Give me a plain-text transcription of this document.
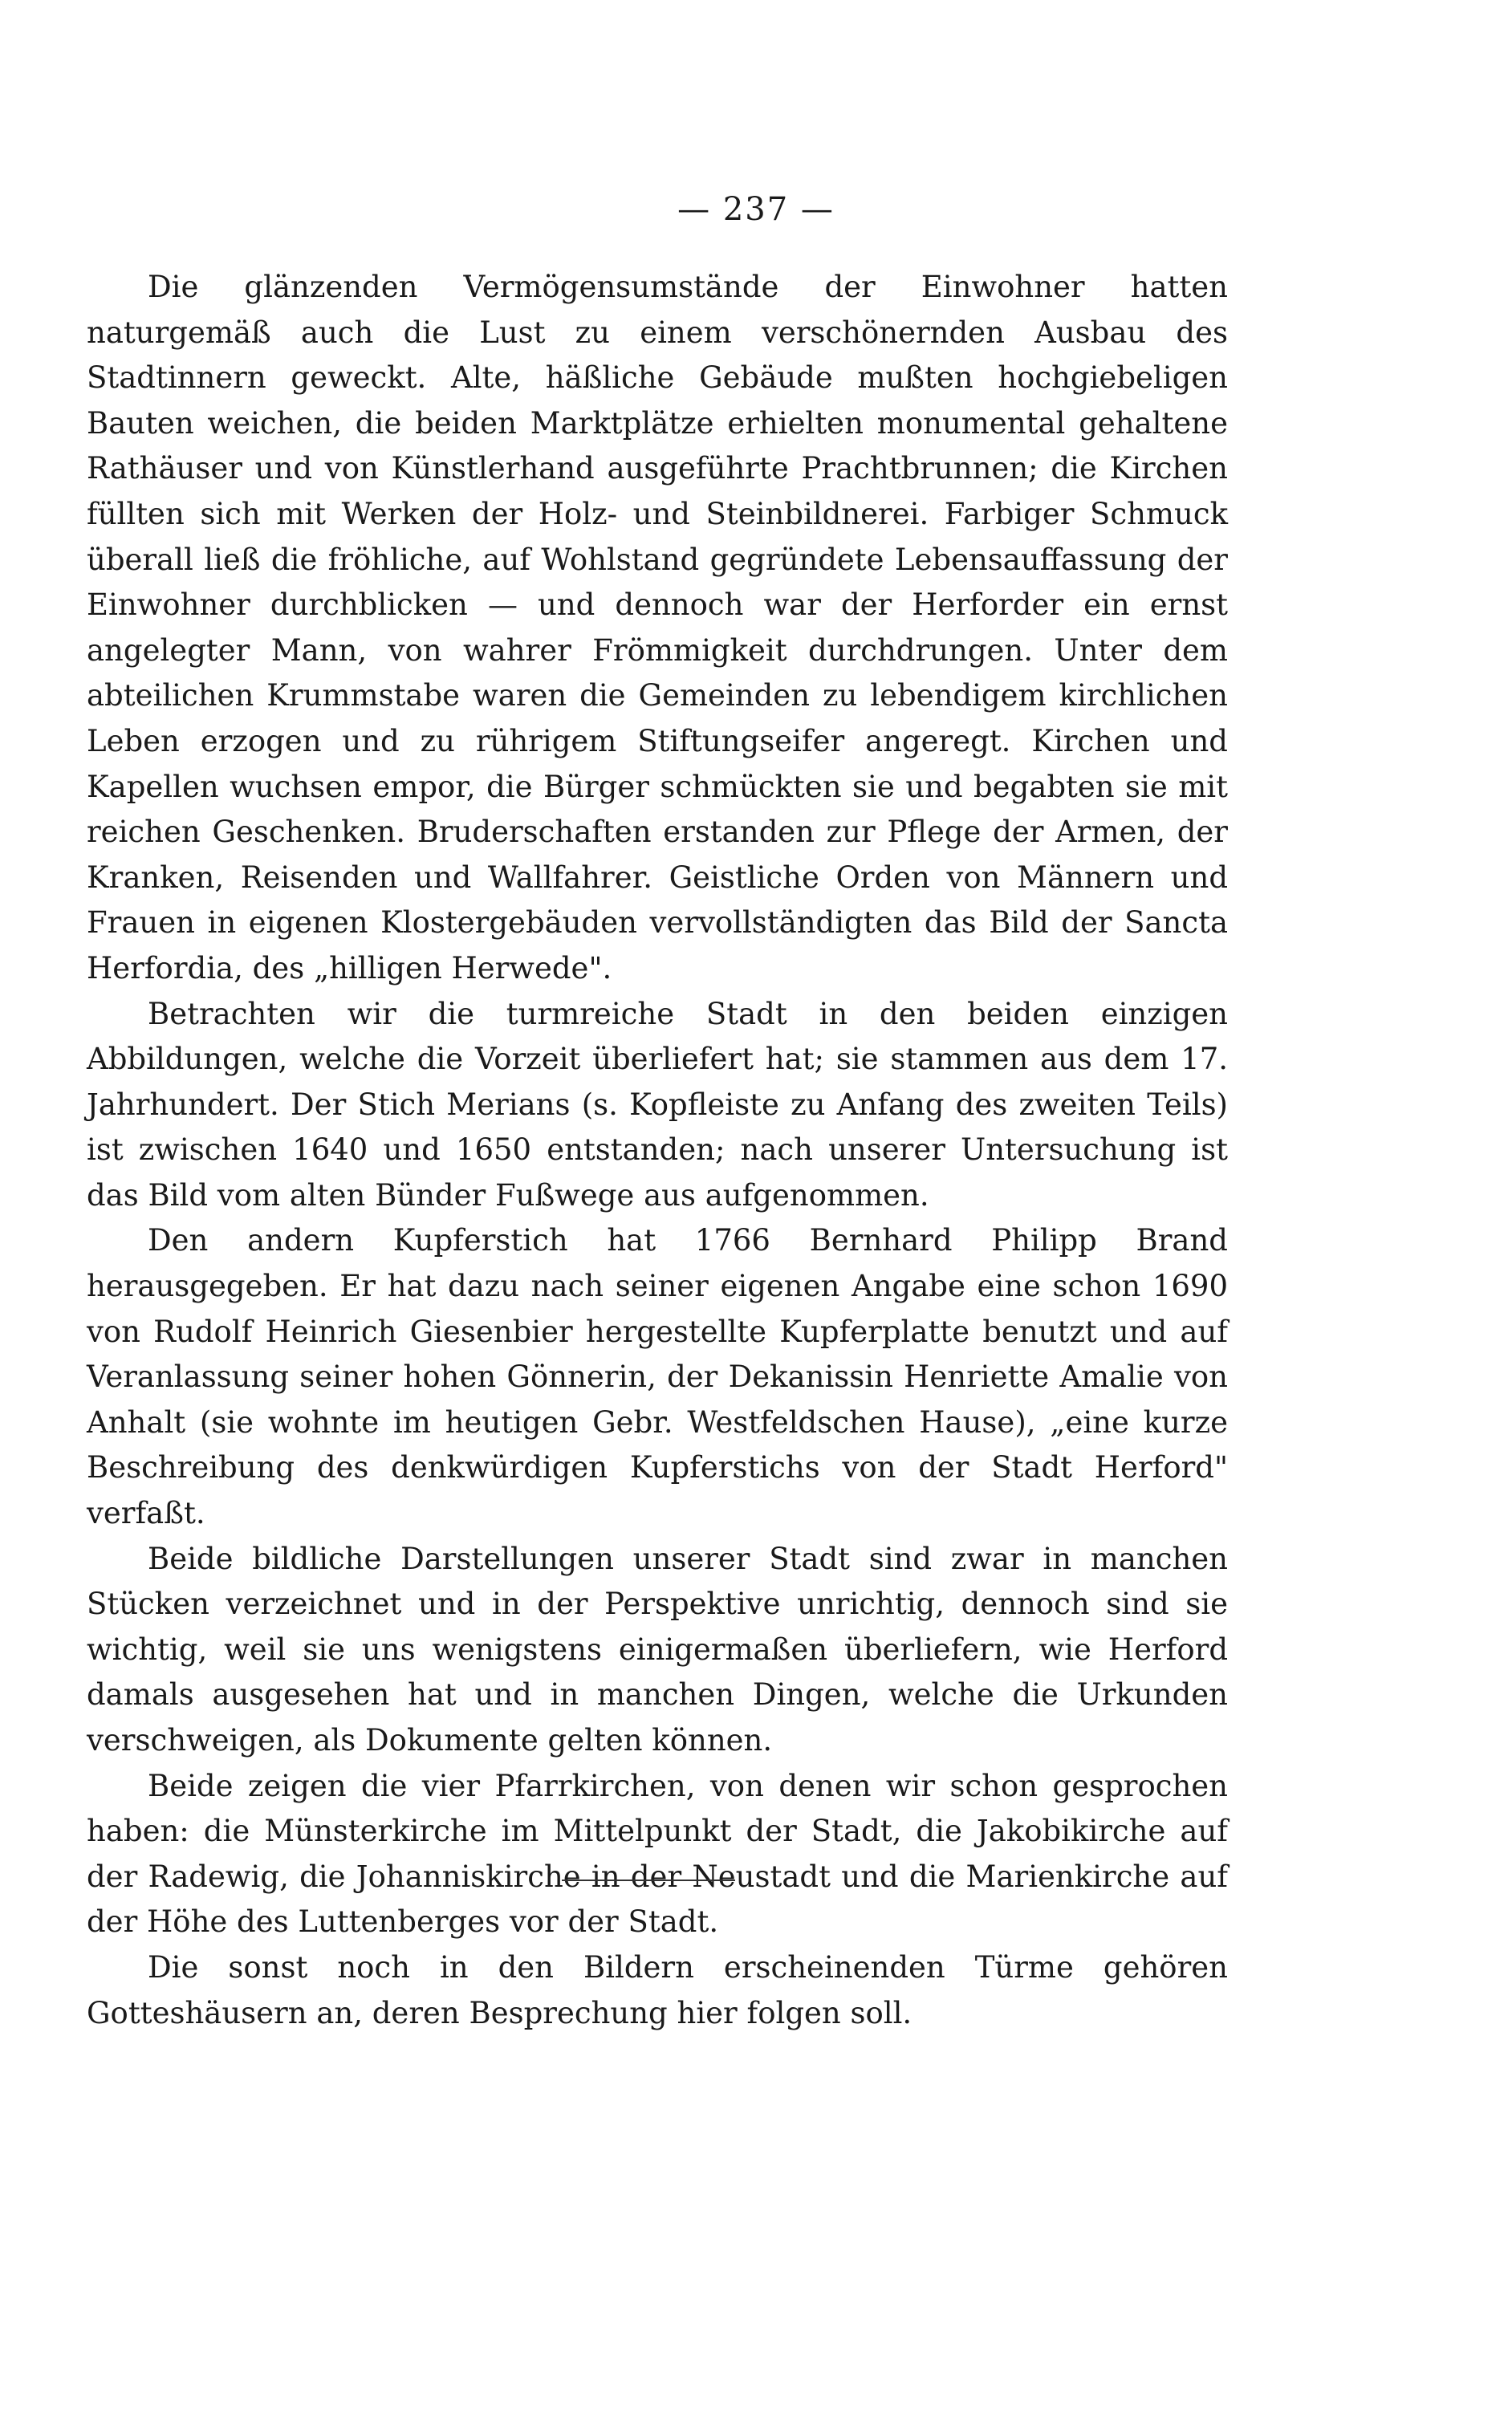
— 237 —

Die glänzenden Vermögensumstände der Einwohner hatten naturgemäß auch die Lust zu einem verschönernden Ausbau des Stadtinnern geweckt. Alte, häßliche Gebäude mußten hochgiebeligen Bauten weichen, die beiden Marktplätze erhielten monumental gehaltene Rathäuser und von Künstlerhand ausgeführte Prachtbrunnen; die Kirchen füllten sich mit Werken der Holz- und Steinbildnerei. Farbiger Schmuck überall ließ die fröhliche, auf Wohlstand gegründete Lebensauffassung der Einwohner durchblicken — und dennoch war der Herforder ein ernst angelegter Mann, von wahrer Frömmigkeit durchdrungen. Unter dem abteilichen Krummstabe waren die Gemeinden zu lebendigem kirchlichen Leben erzogen und zu rührigem Stiftungseifer angeregt. Kirchen und Kapellen wuchsen empor, die Bürger schmückten sie und begabten sie mit reichen Geschenken. Bruderschaften erstanden zur Pflege der Armen, der Kranken, Reisenden und Wallfahrer. Geistliche Orden von Männern und Frauen in eigenen Klostergebäuden vervollständigten das Bild der Sancta Herfordia, des „hilligen Herwede".

Betrachten wir die turmreiche Stadt in den beiden einzigen Abbildungen, welche die Vorzeit überliefert hat; sie stammen aus dem 17. Jahrhundert. Der Stich Merians (s. Kopfleiste zu Anfang des zweiten Teils) ist zwischen 1640 und 1650 entstanden; nach unserer Untersuchung ist das Bild vom alten Bünder Fußwege aus aufgenommen.

Den andern Kupferstich hat 1766 Bernhard Philipp Brand herausgegeben. Er hat dazu nach seiner eigenen Angabe eine schon 1690 von Rudolf Heinrich Giesenbier hergestellte Kupferplatte benutzt und auf Veranlassung seiner hohen Gönnerin, der Dekanissin Henriette Amalie von Anhalt (sie wohnte im heutigen Gebr. Westfeldschen Hause), „eine kurze Beschreibung des denkwürdigen Kupferstichs von der Stadt Herford" verfaßt.

Beide bildliche Darstellungen unserer Stadt sind zwar in manchen Stücken verzeichnet und in der Perspektive unrichtig, dennoch sind sie wichtig, weil sie uns wenigstens einigermaßen überliefern, wie Herford damals ausgesehen hat und in manchen Dingen, welche die Urkunden verschweigen, als Dokumente gelten können.

Beide zeigen die vier Pfarrkirchen, von denen wir schon gesprochen haben: die Münsterkirche im Mittelpunkt der Stadt, die Jakobikirche auf der Radewig, die Johanniskirche in der Neustadt und die Marienkirche auf der Höhe des Luttenberges vor der Stadt.

Die sonst noch in den Bildern erscheinenden Türme gehören Gotteshäusern an, deren Besprechung hier folgen soll.
